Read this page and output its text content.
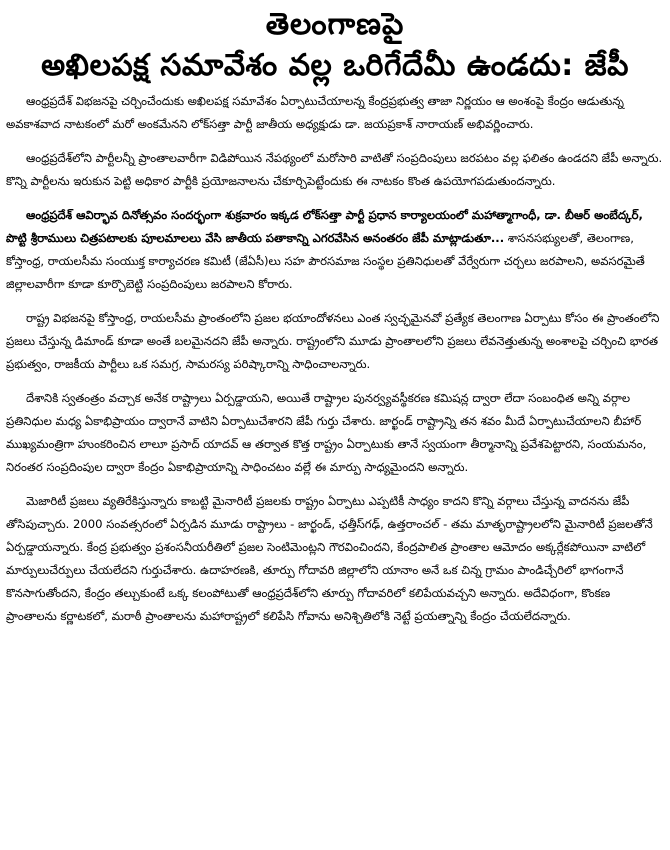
తెలంగాణపై
అఖిలపక్ష సమావేశం వల్ల ఒరిగేదేమీ ఉండదు: జేపీ

ఆంధ్రప్రదేశ్ విభజనపై చర్చించేందుకు అఖిలపక్ష సమావేశం ఏర్పాటుచేయాలన్న కేంద్రప్రభుత్వ తాజా నిర్ణయం ఆ అంశంపై కేంద్రం ఆడుతున్న అవకాశవాద నాటకంలో మరో అంకమేనని లోక్‌సత్తా పార్టీ జాతీయ అధ్యక్షుడు డా. జయప్రకాశ్ నారాయణ్ అభివర్ణించారు.

ఆంధ్రప్రదేశ్‌లోని పార్టీలన్నీ ప్రాంతాలవారీగా విడిపోయిన నేపథ్యంలో మరోసారి వాటితో సంప్రదింపులు జరపటం వల్ల ఫలితం ఉండదని జేపీ అన్నారు. కొన్ని పార్టీలను ఇరుకున పెట్టి అధికార పార్టీకి ప్రయోజనాలను చేకూర్చిపెట్టేందుకు ఈ నాటకం కొంత ఉపయోగపడుతుందన్నారు.

ఆంధ్రప్రదేశ్ ఆవిర్భావ దినోత్సవం సందర్భంగా శుక్రవారం ఇక్కడ లోక్‌సత్తా పార్టీ ప్రధాన కార్యాలయంలో మహాత్మాగాంధీ, డా. బీఆర్ అంబేద్కర్, పొట్టి శ్రీరాములు చిత్రపటాలకు పూలమాలలు వేసి జాతీయ పతాకాన్ని ఎగరవేసిన అనంతరం జేపీ మాట్లాడుతూ... శాసనసభ్యులతో, తెలంగాణ, కోస్తాంధ్ర, రాయలసీమ సంయుక్త కార్యాచరణ కమిటీ (జేఏసీ)లు సహ పౌరసమాజ సంస్థల ప్రతినిధులతో వేర్వేరుగా చర్చలు జరపాలని, అవసరమైతే జిల్లాలవారీగా కూడా కూర్చొబెట్టి సంప్రదింపులు జరపాలని కోరారు.

రాష్ట్ర విభజనపై కోస్తాంధ్ర, రాయలసీమ ప్రాంతంలోని ప్రజల భయాందోళనలు ఎంత స్వచ్ఛమైనవో ప్రత్యేక తెలంగాణ ఏర్పాటు కోసం ఈ ప్రాంతంలోని ప్రజలు చేస్తున్న డిమాండ్ కూడా అంతే బలమైనదని జేపీ అన్నారు. రాష్ట్రంలోని మూడు ప్రాంతాలలోని ప్రజలు లేవనెత్తుతున్న అంశాలపై చర్చించి భారత ప్రభుత్వం, రాజకీయ పార్టీలు ఒక సమగ్ర, సామరస్య పరిష్కారాన్ని సాధించాలన్నారు.

దేశానికి స్వతంత్రం వచ్చాక అనేక రాష్ట్రాలు ఏర్పడ్డాయని, అయితే రాష్ట్రాల పునర్వ్యవస్థీకరణ కమిషన్ల ద్వారా లేదా సంబంధిత అన్ని వర్గాల ప్రతినిధుల మధ్య ఏకాభిప్రాయం ద్వారానే వాటిని ఏర్పాటుచేశారని జేపీ గుర్తు చేశారు. జార్ఖండ్ రాష్ట్రాన్ని తన శవం మీదే ఏర్పాటుచేయాలని బీహార్ ముఖ్యమంత్రిగా హుంకరించిన లాలూ ప్రసాద్ యాదవ్ ఆ తర్వాత కొత్త రాష్ట్రం ఏర్పాటుకు తానే స్వయంగా తీర్మానాన్ని ప్రవేశపెట్టారని, సంయమనం, నిరంతర సంప్రదింపుల ద్వారా కేంద్రం ఏకాభిప్రాయాన్ని సాధించటం వల్లే ఈ మార్పు సాధ్యమైందని అన్నారు.

మెజారిటీ ప్రజలు వ్యతిరేకిస్తున్నారు కాబట్టి మైనారిటీ ప్రజలకు రాష్ట్రం ఏర్పాటు ఎప్పటికీ సాధ్యం కాదని కొన్ని వర్గాలు చేస్తున్న వాదనను జేపీ తోసిపుచ్చారు. 2000 సంవత్సరంలో ఏర్పడిన మూడు రాష్ట్రాలు - జార్ఖండ్, ఛత్తీస్‌గఢ్, ఉత్తరాంచల్ - తమ మాతృరాష్ట్రాలలోని మైనారిటీ ప్రజలతోనే ఏర్పడ్డాయన్నారు. కేంద్ర ప్రభుత్వం ప్రశంసనీయరీతిలో ప్రజల సెంటిమెంట్లని గౌరవించిందని, కేంద్రపాలిత ప్రాంతాల ఆమోదం అక్కర్లేకపోయినా వాటిలో మార్పులుచేర్పులు చేయలేదని గుర్తుచేశారు. ఉదాహరణకి, తూర్పు గోదావరి జిల్లాలోని యానాం అనే ఒక చిన్న గ్రామం పాండిచ్చేరిలో భాగంగానే కొనసాగుతోందని, కేంద్రం తల్చుకుంటే ఒక్క కలంపోటుతో ఆంధ్రప్రదేశ్‌లోని తూర్పు గోదావరిలో కలిపేయవచ్చని అన్నారు. అదేవిధంగా, కొంకణ ప్రాంతాలను కర్ణాటకలో, మరాఠీ ప్రాంతాలను మహారాష్ట్రలో కలిపేసి గోవాను అనిశ్చితిలోకి నెట్టే ప్రయత్నాన్ని కేంద్రం చేయలేదన్నారు.
